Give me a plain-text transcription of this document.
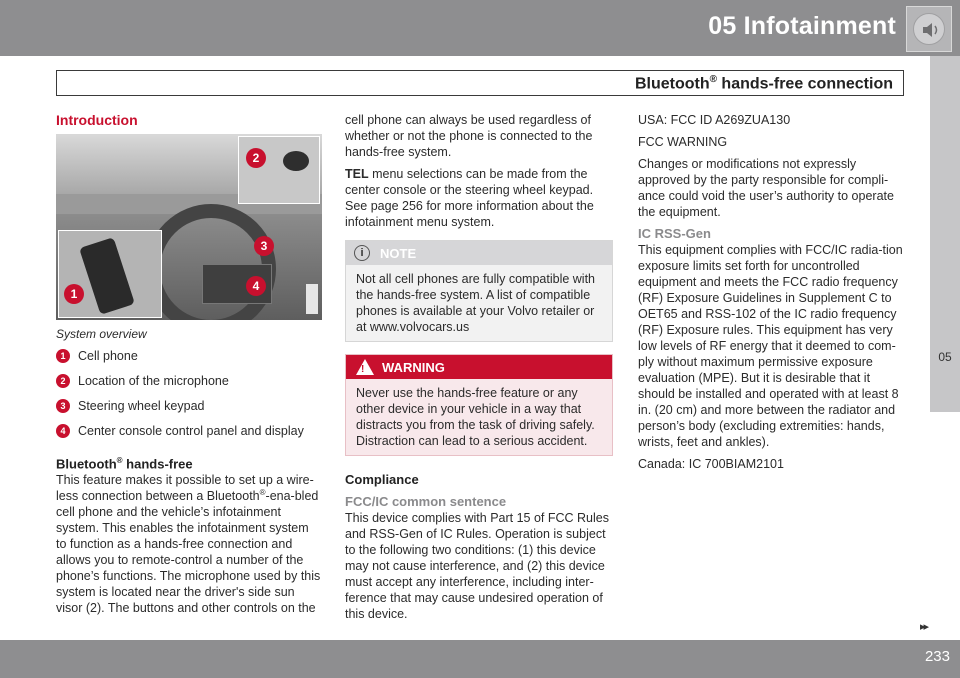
05 Infotainment
Bluetooth® hands-free connection
05
Introduction
2
3
4
1
System overview
1	Cell phone
2	Location of the microphone
3	Steering wheel keypad
4	Center console control panel and display
Bluetooth® hands-free

This feature makes it possible to set up a wire-less connection between a Bluetooth®-ena-bled cell phone and the vehicle’s infotainment system. This enables the infotainment system to function as a hands-free connection and allows you to remote-control a number of the phone’s functions. The microphone used by this system is located near the driver's side sun visor (2). The buttons and other controls on the

cell phone can always be used regardless of whether or not the phone is connected to the hands-free system.

TEL menu selections can be made from the center console or the steering wheel keypad. See page 256 for more information about the infotainment menu system.

i	NOTE
Not all cell phones are fully compatible with the hands-free system. A list of compatible phones is available at your Volvo retailer or at www.volvocars.us
! WARNING
Never use the hands-free feature or any other device in your vehicle in a way that distracts you from the task of driving safely. Distraction can lead to a serious accident.
Compliance
FCC/IC common sentence

This device complies with Part 15 of FCC Rules and RSS-Gen of IC Rules. Operation is subject to the following two conditions: (1) this device may not cause interference, and (2) this device must accept any interference, including inter-ference that may cause undesired operation of this device.

USA: FCC ID A269ZUA130

FCC WARNING

Changes or modifications not expressly approved by the party responsible for compli-ance could void the user’s authority to operate the equipment.

IC RSS-Gen

This equipment complies with FCC/IC radia-tion exposure limits set forth for uncontrolled equipment and meets the FCC radio frequency (RF) Exposure Guidelines in Supplement C to OET65 and RSS-102 of the IC radio frequency (RF) Exposure rules. This equipment has very low levels of RF energy that it deemed to com-ply without maximum permissive exposure evaluation (MPE). But it is desirable that it should be installed and operated with at least 8 in. (20 cm) and more between the radiator and person’s body (excluding extremities: hands, wrists, feet and ankles).

Canada: IC 700BIAM2101

▸▸
233
